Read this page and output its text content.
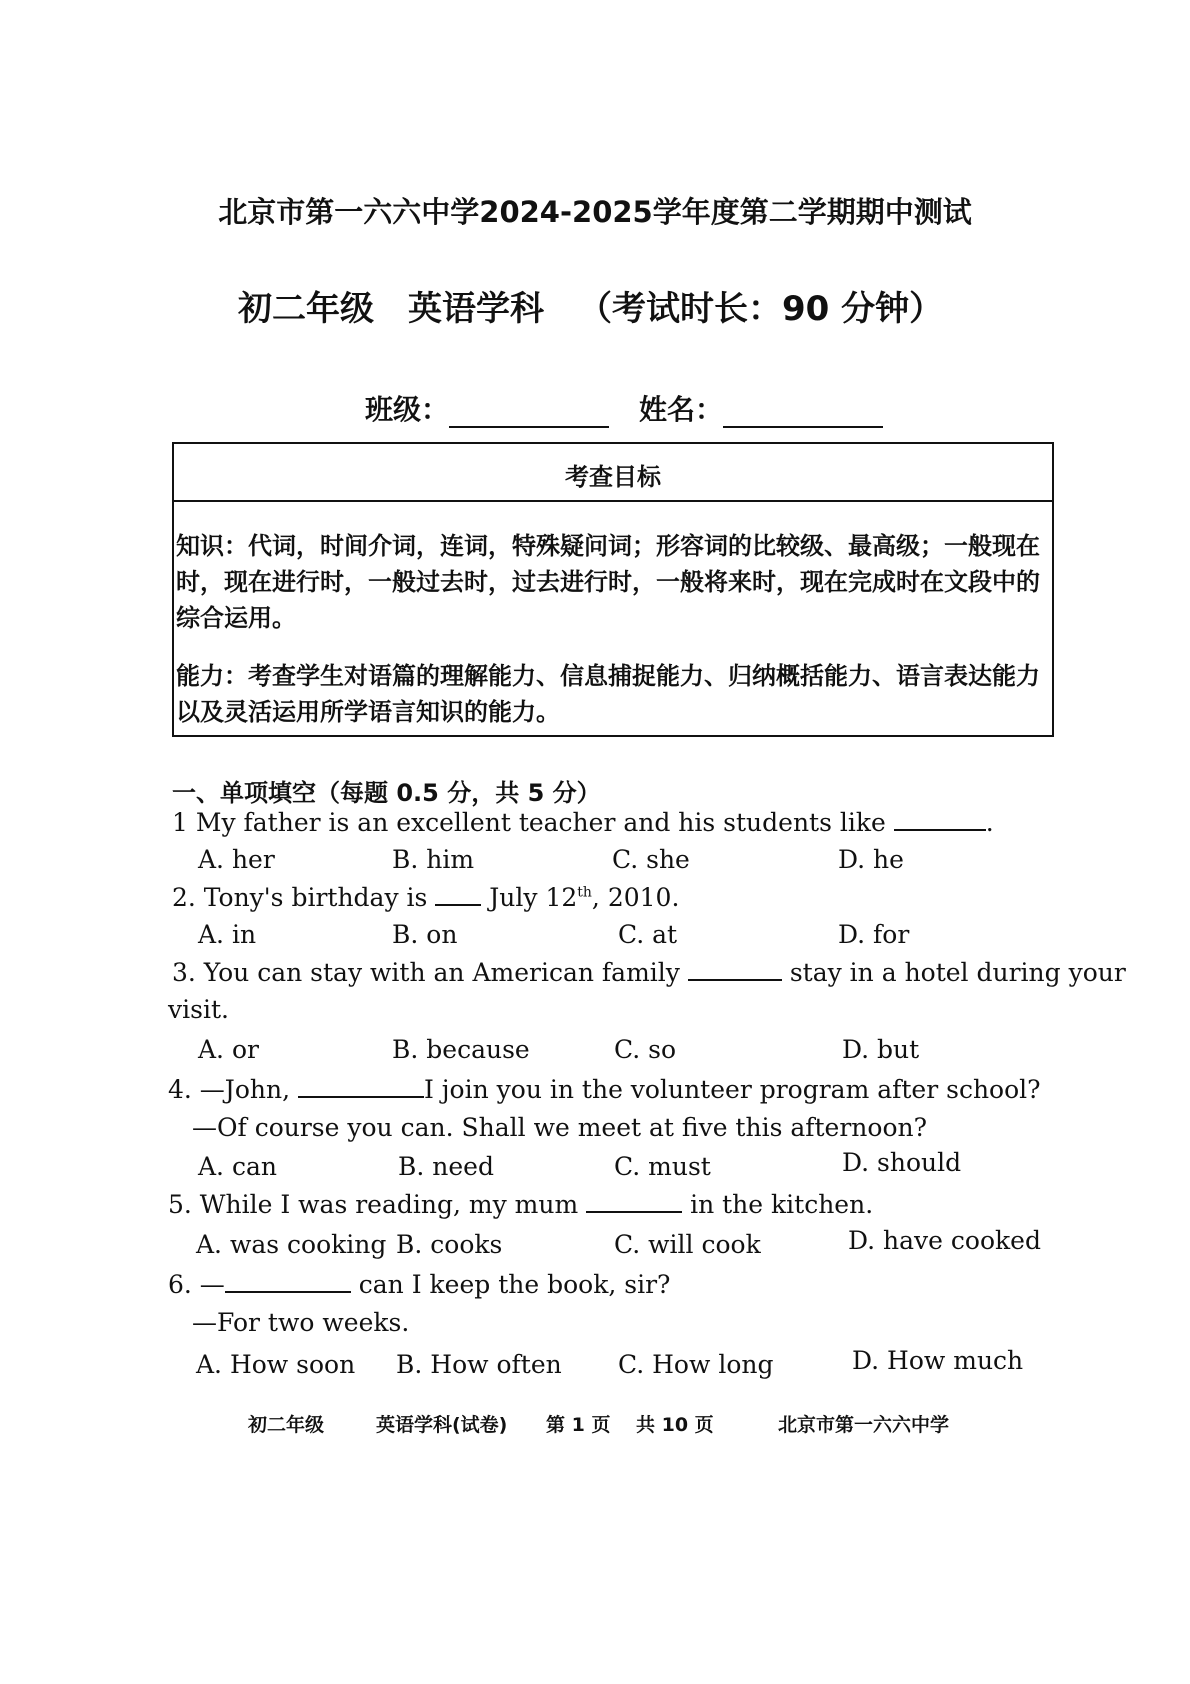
北京市第一六六中学2024-2025学年度第二学期期中测试
初二年级 英语学科 （考试时长：90 分钟）
班级：	姓名：
考查目标
知识：代词，时间介词，连词，特殊疑问词；形容词的比较级、最高级；一般现在时，现在进行时，一般过去时，过去进行时，一般将来时，现在完成时在文段中的综合运用。
能力：考查学生对语篇的理解能力、信息捕捉能力、归纳概括能力、语言表达能力以及灵活运用所学语言知识的能力。
一、单项填空（每题 0.5 分，共 5 分）
1 My father is an excellent teacher and his students like	.
A. her	B. him	C. she	D. he
2. Tony's birthday is  July 12th, 2010.
A. in	B. on	C. at	D. for
3. You can stay with an American family	stay in a hotel during your
visit.
A. or	B. because	C. so	D. but
4. —John,	I join you in the volunteer program after school?
—Of course you can. Shall we meet at five this afternoon?
A. can	B. need	C. must	D. should
5. While I was reading, my mum	in the kitchen.
A. was cooking B. cooks	C. will cook	D. have cooked
6. —	can I keep the book, sir?
—For two weeks.
A. How soon B. How often C. How long	D. How much
初二年级	英语学科(试卷) 第 1 页 共 10 页	北京市第一六六中学
